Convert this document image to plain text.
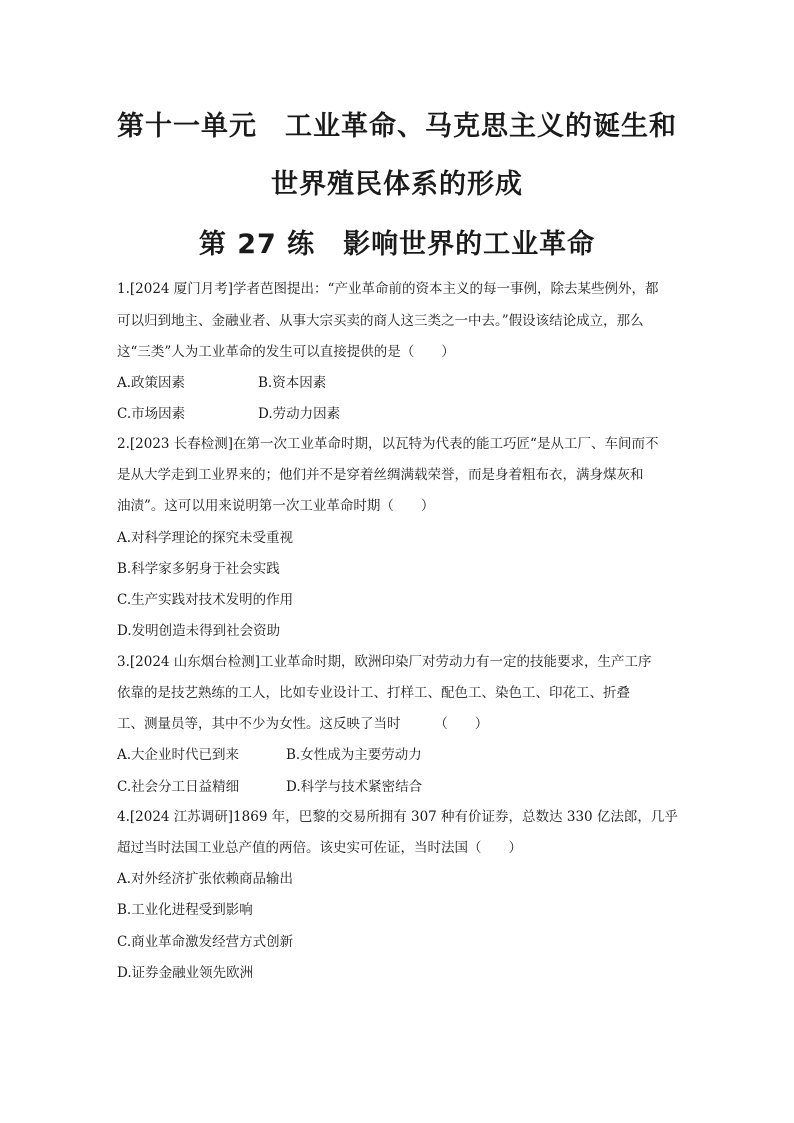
第十一单元　工业革命、马克思主义的诞生和
世界殖民体系的形成
第 27 练　影响世界的工业革命
1.[2024 厦门月考]学者芭图提出：“产业革命前的资本主义的每一事例，除去某些例外，都
可以归到地主、金融业者、从事大宗买卖的商人这三类之一中去。”假设该结论成立，那么
这“三类”人为工业革命的发生可以直接提供的是（　　）
A.政策因素	B.资本因素
C.市场因素	D.劳动力因素
2.[2023 长春检测]在第一次工业革命时期，以瓦特为代表的能工巧匠“是从工厂、车间而不
是从大学走到工业界来的；他们并不是穿着丝绸满载荣誉，而是身着粗布衣，满身煤灰和
油渍”。这可以用来说明第一次工业革命时期（　　）
A.对科学理论的探究未受重视
B.科学家多躬身于社会实践
C.生产实践对技术发明的作用
D.发明创造未得到社会资助
3.[2024 山东烟台检测]工业革命时期，欧洲印染厂对劳动力有一定的技能要求，生产工序
依靠的是技艺熟练的工人，比如专业设计工、打样工、配色工、染色工、印花工、折叠
工、测量员等，其中不少为女性。这反映了当时　　　（　　）
A.大企业时代已到来	B.女性成为主要劳动力
C.社会分工日益精细	D.科学与技术紧密结合
4.[2024 江苏调研]1869 年，巴黎的交易所拥有 307 种有价证券，总数达 330 亿法郎，几乎
超过当时法国工业总产值的两倍。该史实可佐证，当时法国（　　）
A.对外经济扩张依赖商品输出
B.工业化进程受到影响
C.商业革命激发经营方式创新
D.证券金融业领先欧洲
